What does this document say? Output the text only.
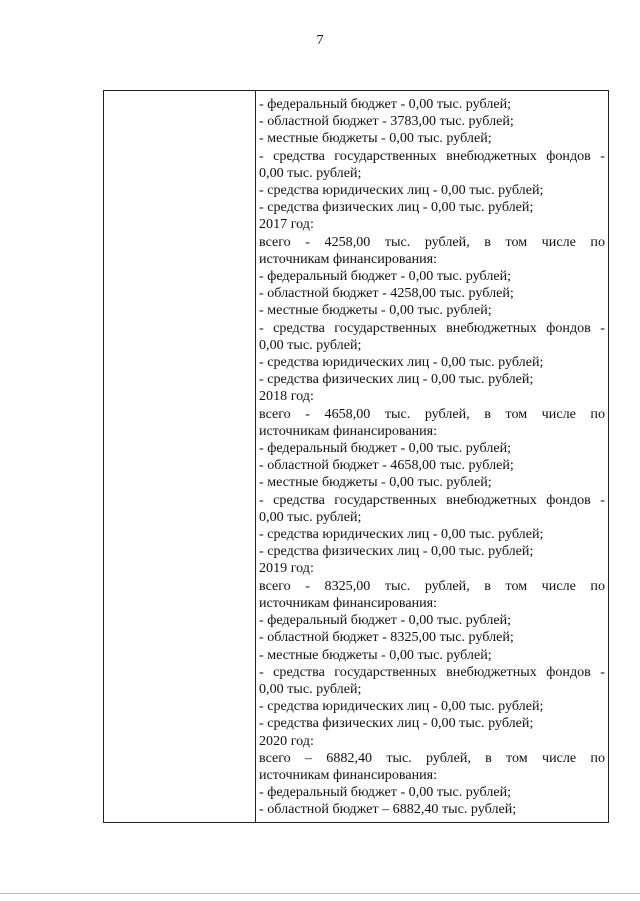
7
- федеральный бюджет - 0,00 тыс. рублей;
- областной бюджет - 3783,00 тыс. рублей;
- местные бюджеты - 0,00 тыс. рублей;
- средства государственных внебюджетных фондов -
0,00 тыс. рублей;
- средства юридических лиц - 0,00 тыс. рублей;
- средства физических лиц - 0,00 тыс. рублей;
2017 год:
всего - 4258,00 тыс. рублей, в том числе по
источникам финансирования:
- федеральный бюджет - 0,00 тыс. рублей;
- областной бюджет - 4258,00 тыс. рублей;
- местные бюджеты - 0,00 тыс. рублей;
- средства государственных внебюджетных фондов -
0,00 тыс. рублей;
- средства юридических лиц - 0,00 тыс. рублей;
- средства физических лиц - 0,00 тыс. рублей;
2018 год:
всего - 4658,00 тыс. рублей, в том числе по
источникам финансирования:
- федеральный бюджет - 0,00 тыс. рублей;
- областной бюджет - 4658,00 тыс. рублей;
- местные бюджеты - 0,00 тыс. рублей;
- средства государственных внебюджетных фондов -
0,00 тыс. рублей;
- средства юридических лиц - 0,00 тыс. рублей;
- средства физических лиц - 0,00 тыс. рублей;
2019 год:
всего - 8325,00 тыс. рублей, в том числе по
источникам финансирования:
- федеральный бюджет - 0,00 тыс. рублей;
- областной бюджет - 8325,00 тыс. рублей;
- местные бюджеты - 0,00 тыс. рублей;
- средства государственных внебюджетных фондов -
0,00 тыс. рублей;
- средства юридических лиц - 0,00 тыс. рублей;
- средства физических лиц - 0,00 тыс. рублей;
2020 год:
всего – 6882,40 тыс. рублей, в том числе по
источникам финансирования:
- федеральный бюджет - 0,00 тыс. рублей;
- областной бюджет – 6882,40 тыс. рублей;
